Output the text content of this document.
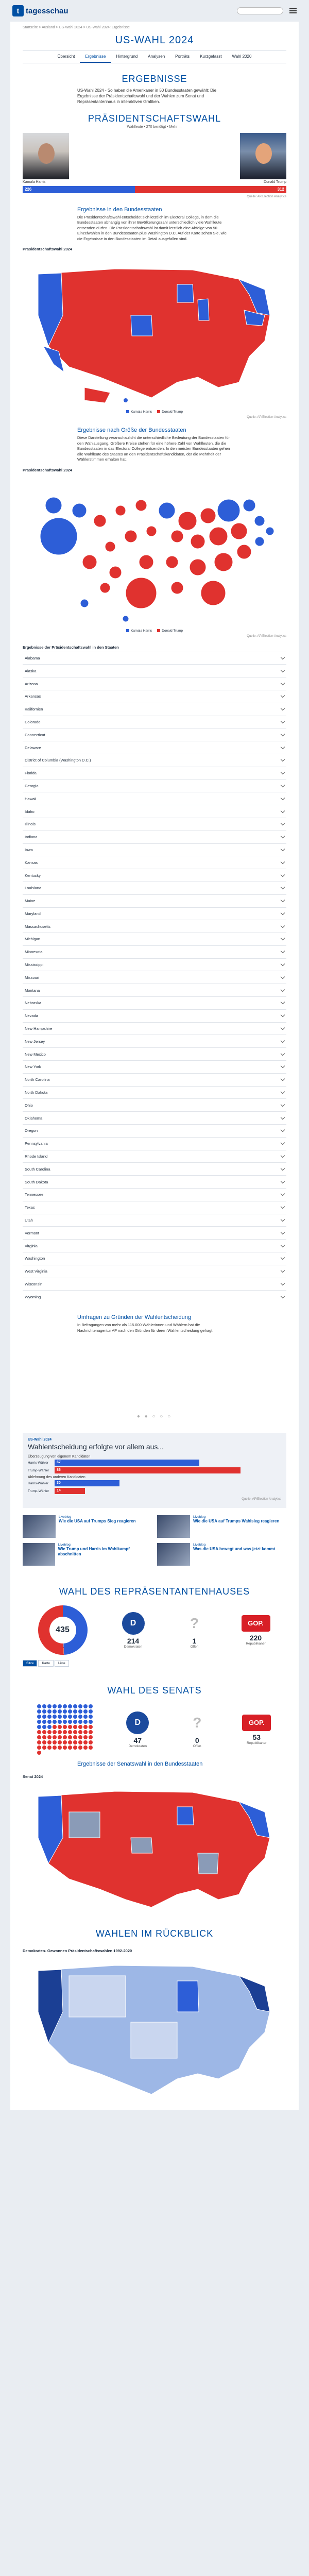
t tagesschau
Startseite > Ausland > US-Wahl 2024 > US-Wahl 2024: Ergebnisse
US-WAHL 2024
Übersicht	Ergebnisse	Hintergrund	Analysen	Porträts	Kurzgefasst	Wahl 2020
ERGEBNISSE
US-Wahl 2024 - So haben die Amerikaner in 50 Bundesstaaten gewählt: Die Ergebnisse der Präsidentschaftswahl und der Wahlen zum Senat und Repräsentantenhaus in interaktiven Grafiken.
PRÄSIDENTSCHAFTSWAHL
Wahlleute • 270 benötigt • Mehr →
Kamala Harris	Donald Trump
226	312
Quelle: AP/Election Analytics
Ergebnisse in den Bundesstaaten
Die Präsidentschaftswahl entscheidet sich letztlich im Electoral College, in dem die Bundesstaaten abhängig von ihrer Bevölkerungszahl unterschiedlich viele Wahlleute entsenden dürfen. Die Präsidentschaftswahl ist damit letztlich eine Abfolge von 50 Einzelwahlen in den Bundesstaaten plus Washington D.C. Auf der Karte sehen Sie, wie die Ergebnisse in den Bundesstaaten im Detail ausgefallen sind.
Präsidentschaftswahl 2024
Kamala Harris	Donald Trump
Quelle: AP/Election Analytics
Ergebnisse nach Größe der Bundesstaaten
Diese Darstellung veranschaulicht die unterschiedliche Bedeutung der Bundesstaaten für den Wahlausgang. Größere Kreise stehen für eine höhere Zahl von Wahlleuten, die die Bundesstaaten in das Electoral College entsenden. In den meisten Bundesstaaten gehen alle Wahlleute des Staates an den Präsidentschaftskandidaten, der die Mehrheit der Wählerstimmen erhalten hat.
Präsidentschaftswahl 2024
Kamala Harris	Donald Trump
Quelle: AP/Election Analytics
Ergebnisse der Präsidentschaftswahl in den Staaten
Alabama
Alaska
Arizona
Arkansas
Kalifornien
Colorado
Connecticut
Delaware
District of Columbia (Washington D.C.)
Florida
Georgia
Hawaii
Idaho
Illinois
Indiana
Iowa
Kansas
Kentucky
Louisiana
Maine
Maryland
Massachusetts
Michigan
Minnesota
Mississippi
Missouri
Montana
Nebraska
Nevada
New Hampshire
New Jersey
New Mexico
New York
North Carolina
North Dakota
Ohio
Oklahoma
Oregon
Pennsylvania
Rhode Island
South Carolina
South Dakota
Tennessee
Texas
Utah
Vermont
Virginia
Washington
West Virginia
Wisconsin
Wyoming
Umfragen zu Gründen der Wahlentscheidung
In Befragungen von mehr als 115.000 Wählerinnen und Wählern hat die Nachrichtenagentur AP nach den Gründen für deren Wahlentscheidung gefragt.
● ● ○ ○ ○
US-Wahl 2024
Wahlentscheidung erfolgte vor allem aus...
Überzeugung von eigenem Kandidaten
Harris-Wähler	67
Trump-Wähler	86
Ablehnung des anderen Kandidaten
Harris-Wähler	30
Trump-Wähler	14
Quelle: AP/Election Analytics
Liveblog
Wie die USA auf Trumps Sieg reagieren
Liveblog
Wie die USA auf Trumps Wahlsieg reagieren
Liveblog
Wie Trump und Harris im Wahlkampf abschnitten
Liveblog
Was die USA bewegt und was jetzt kommt
WAHL DES REPRÄSENTANTENHAUSES
435
D
214
Demokraten
?
1
Offen
GOP.
220
Republikaner
Sitze	Karte	Liste
WAHL DES SENATS
D
47
Demokraten
?
0
Offen
GOP.
53
Republikaner
Ergebnisse der Senatswahl in den Bundesstaaten
Senat 2024
WAHLEN IM RÜCKBLICK
Demokraten- Gewonnen Präsidentschaftswahlen 1992-2020
